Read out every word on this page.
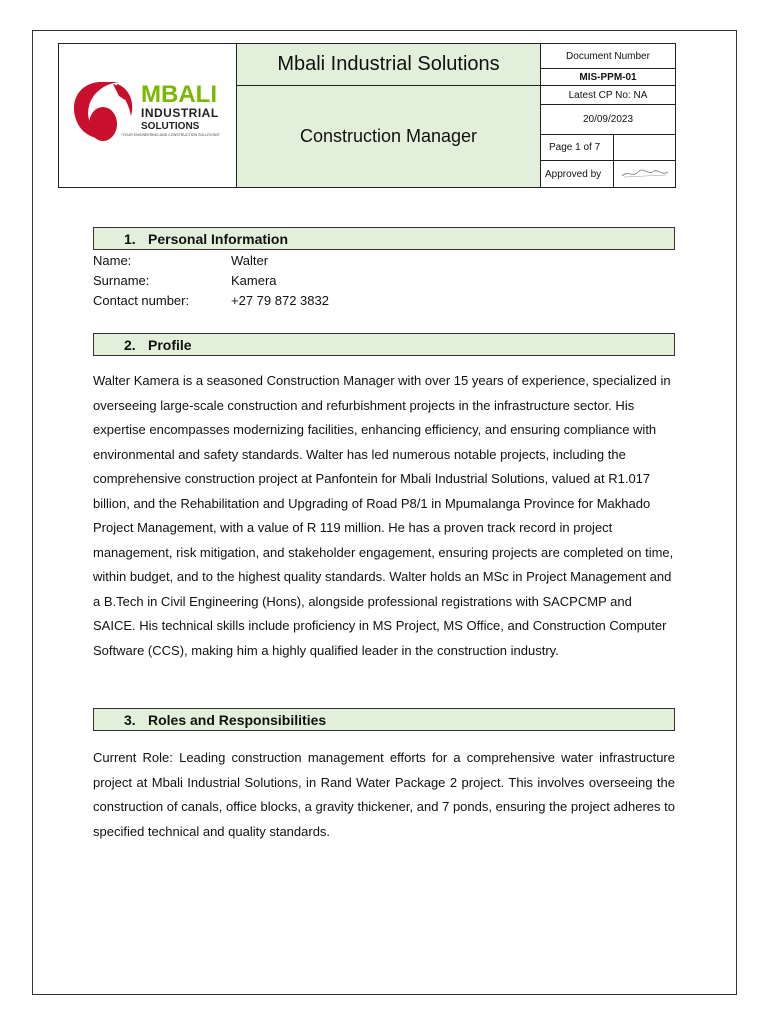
MBALI
INDUSTRIAL
SOLUTIONS
"YOUR ENGINEERING AND CONSTRUCTION SOLUTIONS"
Mbali Industrial Solutions
Construction Manager
Document Number
MIS-PPM-01
Latest CP No: NA
20/09/2023
Page 1 of 7
Approved by
1. Personal Information
Name:	Walter
Surname:	Kamera
Contact number:	+27 79 872 3832
2. Profile
Walter Kamera is a seasoned Construction Manager with over 15 years of experience, specialized in overseeing large-scale construction and refurbishment projects in the infrastructure sector. His expertise encompasses modernizing facilities, enhancing efficiency, and ensuring compliance with environmental and safety standards. Walter has led numerous notable projects, including the comprehensive construction project at Panfontein for Mbali Industrial Solutions, valued at R1.017 billion, and the Rehabilitation and Upgrading of Road P8/1 in Mpumalanga Province for Makhado Project Management, with a value of R 119 million. He has a proven track record in project management, risk mitigation, and stakeholder engagement, ensuring projects are completed on time, within budget, and to the highest quality standards. Walter holds an MSc in Project Management and a B.Tech in Civil Engineering (Hons), alongside professional registrations with SACPCMP and SAICE. His technical skills include proficiency in MS Project, MS Office, and Construction Computer Software (CCS), making him a highly qualified leader in the construction industry.
3. Roles and Responsibilities
Current Role: Leading construction management efforts for a comprehensive water infrastructure project at Mbali Industrial Solutions, in Rand Water Package 2 project. This involves overseeing the construction of canals, office blocks, a gravity thickener, and 7 ponds, ensuring the project adheres to specified technical and quality standards.
